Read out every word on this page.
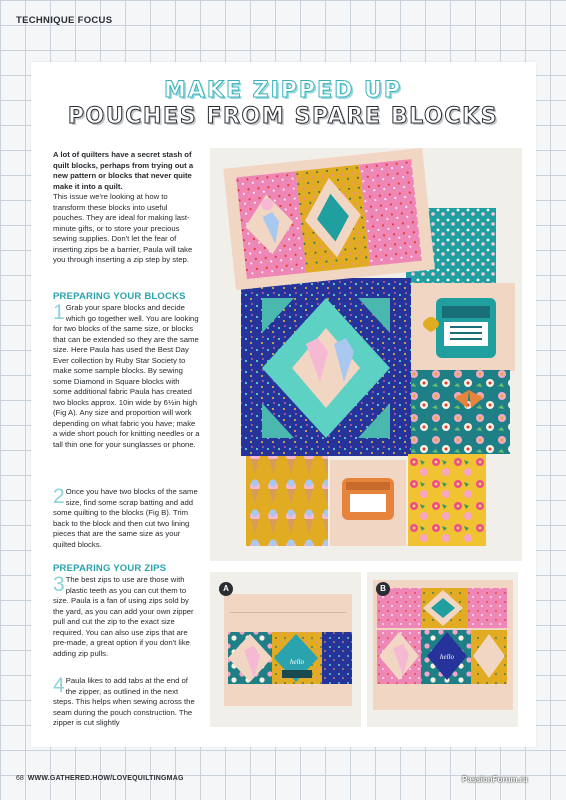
TECHNIQUE FOCUS
MAKE ZIPPED UP
POUCHES FROM SPARE BLOCKS

A lot of quilters have a secret stash of quilt blocks, perhaps from trying out a new pattern or blocks that never quite make it into a quilt.
This issue we're looking at how to transform these blocks into useful pouches. They are ideal for making last-minute gifts, or to store your precious sewing supplies. Don't let the fear of inserting zips be a barrier, Paula will take you through inserting a zip step by step.

PREPARING YOUR BLOCKS
1 Grab your spare blocks and decide which go together well. You are looking for two blocks of the same size, or blocks that can be extended so they are the same size. Here Paula has used the Best Day Ever collection by Ruby Star Society to make some sample blocks. By sewing some Diamond in Square blocks with some additional fabric Paula has created two blocks approx. 10in wide by 6½in high (Fig A). Any size and proportion will work depending on what fabric you have; make a wide short pouch for knitting needles or a tall thin one for your sunglasses or phone.

2 Once you have two blocks of the same size, find some scrap batting and add some quilting to the blocks (Fig B). Trim back to the block and then cut two lining pieces that are the same size as your quilted blocks.

PREPARING YOUR ZIPS
3 The best zips to use are those with plastic teeth as you can cut them to size. Paula is a fan of using zips sold by the yard, as you can add your own zipper pull and cut the zip to the exact size required. You can also use zips that are pre-made, a great option if you don't like adding zip pulls.

4 Paula likes to add tabs at the end of the zipper, as outlined in the next steps. This helps when sewing across the seam during the pouch construction. The zipper is cut slightly

hello
A
hello
B
68 WWW.GATHERED.HOW/LOVEQUILTINGMAG	PassionForum.ru
